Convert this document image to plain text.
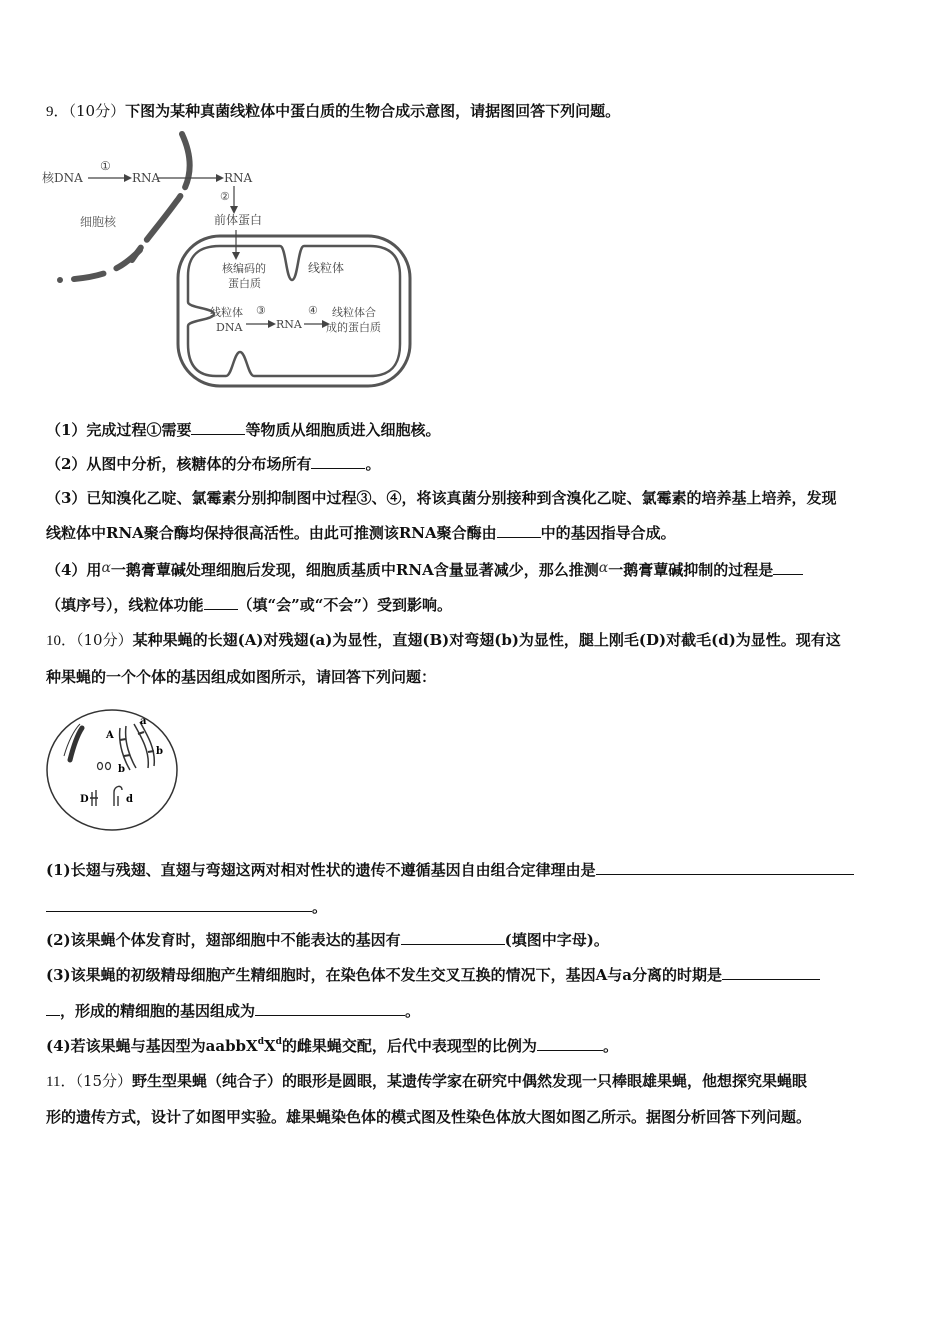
9．（10分）下图为某种真菌线粒体中蛋白质的生物合成示意图，请据图回答下列问题。
核DNA
①
RNA	RNA
②
前体蛋白
细胞核
核编码的蛋白质
线粒体
线粒体 DNA
③
RNA
④	线粒体合成的蛋白质
（1）完成过程①需要	等物质从细胞质进入细胞核。
（2）从图中分析，核糖体的分布场所有	。
（3）已知溴化乙啶、氯霉素分别抑制图中过程③、④，将该真菌分别接种到含溴化乙啶、氯霉素的培养基上培养，发现
线粒体中RNA聚合酶均保持很高活性。由此可推测该RNA聚合酶由	中的基因指导合成。
（4）用α一鹅膏蕈碱处理细胞后发现，细胞质基质中RNA含量显著减少，那么推测α一鹅膏蕈碱抑制的过程是
（填序号），线粒体功能 （填“会”或“不会”）受到影响。
10．（10分）某种果蝇的长翅(A)对残翅(a)为显性，直翅(B)对弯翅(b)为显性，腿上刚毛(D)对截毛(d)为显性。现有这
种果蝇的一个个体的基因组成如图所示，请回答下列问题：
A
a
b
b
D	d
(1)长翅与残翅、直翅与弯翅这两对相对性状的遗传不遵循基因自由组合定律理由是
。
(2)该果蝇个体发育时，翅部细胞中不能表达的基因有	(填图中字母)。
(3)该果蝇的初级精母细胞产生精细胞时，在染色体不发生交叉互换的情况下，基因A与a分离的时期是
，形成的精细胞的基因组成为	。
(4)若该果蝇与基因型为$aabbX^dX^d$的雌果蝇交配，后代中表现型的比例为	。
11．（15分）野生型果蝇（纯合子）的眼形是圆眼，某遗传学家在研究中偶然发现一只棒眼雄果蝇，他想探究果蝇眼
形的遗传方式，设计了如图甲实验。雄果蝇染色体的模式图及性染色体放大图如图乙所示。据图分析回答下列问题。
